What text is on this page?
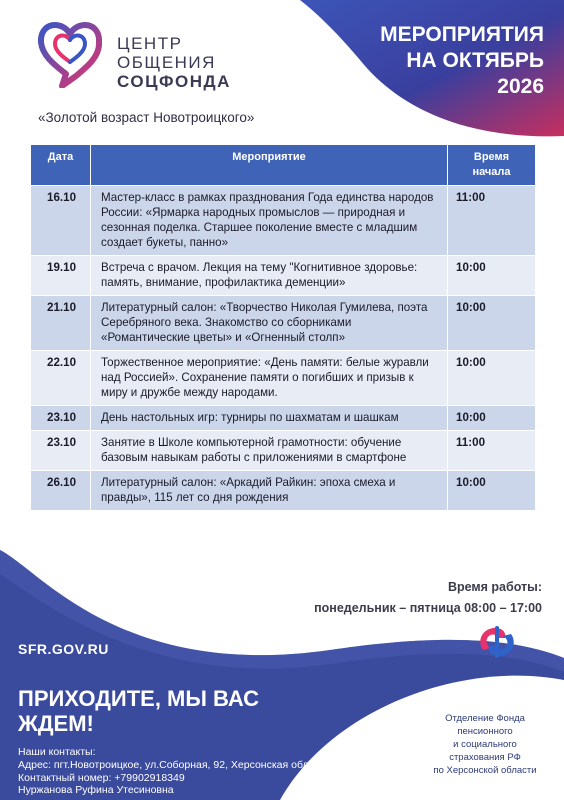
ЦЕНТР
ОБЩЕНИЯ
СОЦФОНДА
МЕРОПРИЯТИЯ
НА ОКТЯБРЬ
2026
«Золотой возраст Новотроицкого»
Дата	Мероприятие	Время
начала

16.10	Мастер-класс в рамках празднования Года единства народов России: «Ярмарка народных промыслов — природная и сезонная поделка. Старшее поколение вместе с младшим создает букеты, панно»	11:00
19.10	Встреча с врачом. Лекция на тему "Когнитивное здоровье: память, внимание, профилактика деменции»	10:00
21.10	Литературный салон: «Творчество Николая Гумилева, поэта Серебряного века. Знакомство со сборниками «Романтические цветы» и «Огненный столп»	10:00
22.10	Торжественное мероприятие: «День памяти: белые журавли над Россией». Сохранение памяти о погибших и призыв к миру и дружбе между народами.	10:00
23.10	День настольных игр: турниры по шахматам и шашкам	10:00
23.10	Занятие в Школе компьютерной грамотности: обучение базовым навыкам работы с приложениями в смартфоне	11:00
26.10	Литературный салон: «Аркадий Райкин: эпоха смеха и правды», 115 лет со дня рождения	10:00
Время работы:
понедельник – пятница 08:00 – 17:00
SFR.GOV.RU
ПРИХОДИТЕ, МЫ ВАС ЖДЕМ!
Наши контакты:
Адрес: пгт.Новотроицкое, ул.Соборная, 92, Херсонская область
Контактный номер: +79902918349
Нуржанова Руфина Утесиновна
Отделение Фонда
пенсионного
и социального
страхования РФ
по Херсонской области
